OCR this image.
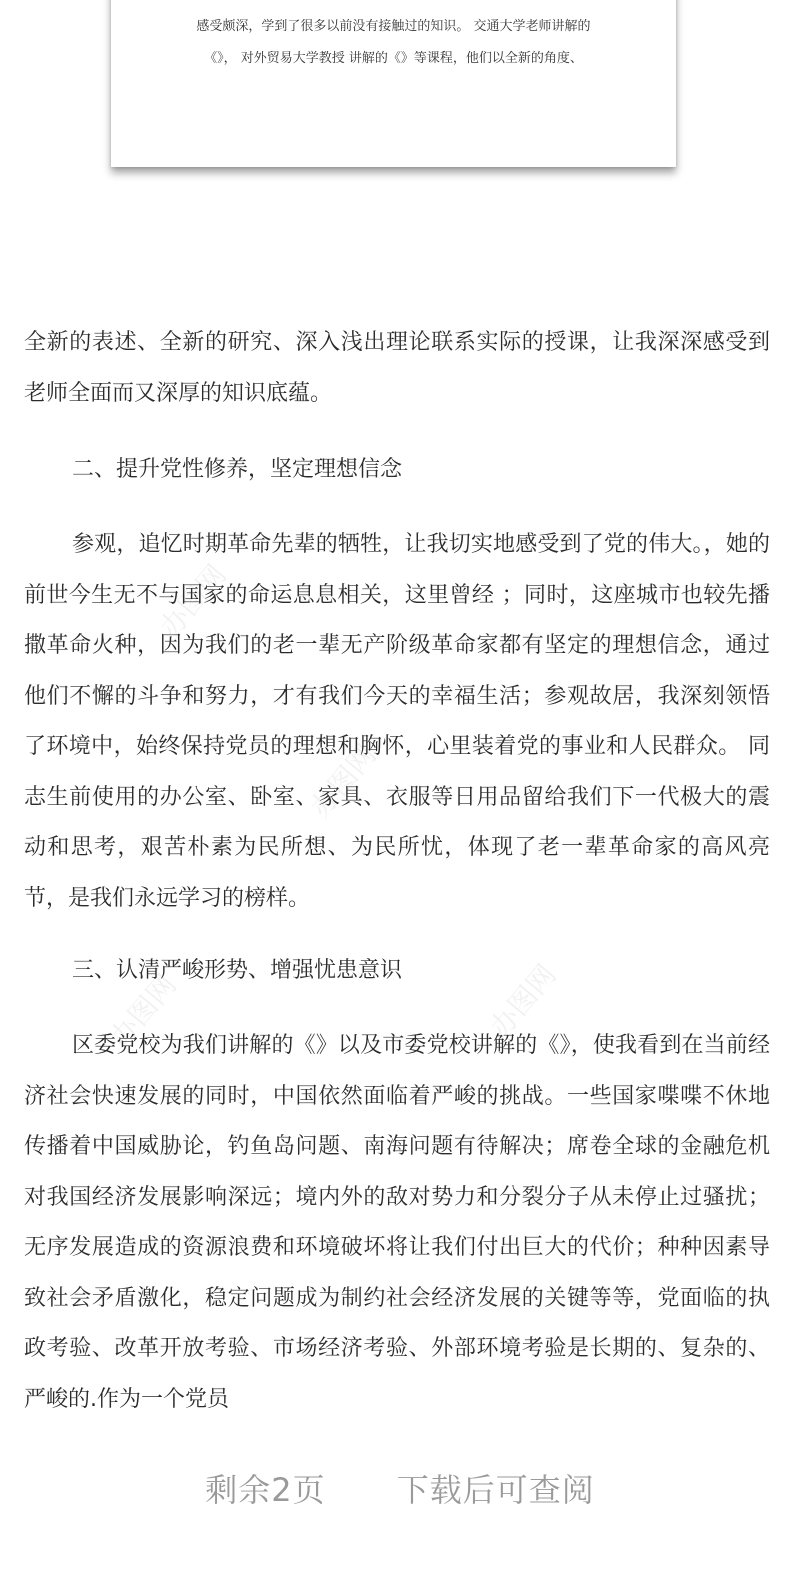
感受颇深，学到了很多以前没有接触过的知识。 交通大学老师讲解的
《》， 对外贸易大学教授 讲解的《》等课程，他们以全新的角度、
办图网
办图网
办图网	办图网
全新的表述、全新的研究、深入浅出理论联系实际的授课，让我深深感受到老师全面而又深厚的知识底蕴。
二、提升党性修养，坚定理想信念
参观，追忆时期革命先辈的牺牲，让我切实地感受到了党的伟大。，她的前世今生无不与国家的命运息息相关，这里曾经 ；同时，这座城市也较先播撒革命火种，因为我们的老一辈无产阶级革命家都有坚定的理想信念，通过他们不懈的斗争和努力，才有我们今天的幸福生活；参观故居，我深刻领悟了环境中，始终保持党员的理想和胸怀，心里装着党的事业和人民群众。 同志生前使用的办公室、卧室、家具、衣服等日用品留给我们下一代极大的震动和思考，艰苦朴素为民所想、为民所忧，体现了老一辈革命家的高风亮节，是我们永远学习的榜样。
三、认清严峻形势、增强忧患意识
区委党校为我们讲解的《》以及市委党校讲解的《》，使我看到在当前经济社会快速发展的同时，中国依然面临着严峻的挑战。一些国家喋喋不休地传播着中国威胁论，钓鱼岛问题、南海问题有待解决；席卷全球的金融危机对我国经济发展影响深远；境内外的敌对势力和分裂分子从未停止过骚扰；无序发展造成的资源浪费和环境破坏将让我们付出巨大的代价；种种因素导致社会矛盾激化，稳定问题成为制约社会经济发展的关键等等，党面临的执政考验、改革开放考验、市场经济考验、外部环境考验是长期的、复杂的、严峻的.作为一个党员
剩余2页 下载后可查阅
